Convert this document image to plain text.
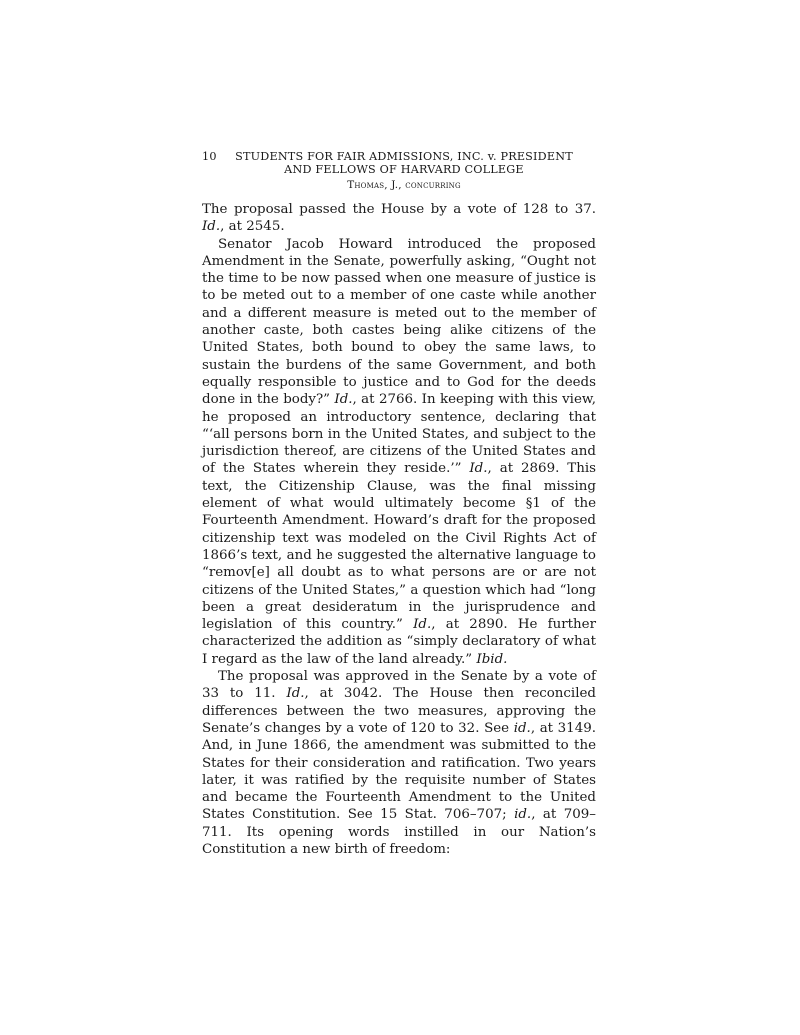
10	STUDENTS FOR FAIR ADMISSIONS, INC. v. PRESIDENT
AND FELLOWS OF HARVARD COLLEGE
Thomas, J., concurring

The proposal passed the House by a vote of 128 to 37. Id., at 2545.

Senator Jacob Howard introduced the proposed Amendment in the Senate, powerfully asking, “Ought not the time to be now passed when one measure of justice is to be meted out to a member of one caste while another and a different measure is meted out to the member of another caste, both castes being alike citizens of the United States, both bound to obey the same laws, to sustain the burdens of the same Government, and both equally responsible to justice and to God for the deeds done in the body?” Id., at 2766. In keeping with this view, he proposed an introductory sentence, declaring that “‘all persons born in the United States, and subject to the jurisdiction thereof, are citizens of the United States and of the States wherein they reside.’” Id., at 2869. This text, the Citizenship Clause, was the final missing element of what would ultimately become §1 of the Fourteenth Amendment. Howard’s draft for the proposed citizenship text was modeled on the Civil Rights Act of 1866’s text, and he suggested the alternative language to “remov[e] all doubt as to what persons are or are not citizens of the United States,” a question which had “long been a great desideratum in the jurisprudence and legislation of this country.” Id., at 2890. He further characterized the addition as “simply declaratory of what I regard as the law of the land already.” Ibid.

The proposal was approved in the Senate by a vote of 33 to 11. Id., at 3042. The House then reconciled differences between the two measures, approving the Senate’s changes by a vote of 120 to 32. See id., at 3149. And, in June 1866, the amendment was submitted to the States for their consideration and ratification. Two years later, it was ratified by the requisite number of States and became the Fourteenth Amendment to the United States Constitution. See 15 Stat. 706–707; id., at 709–711. Its opening words instilled in our Nation’s Constitution a new birth of freedom:
